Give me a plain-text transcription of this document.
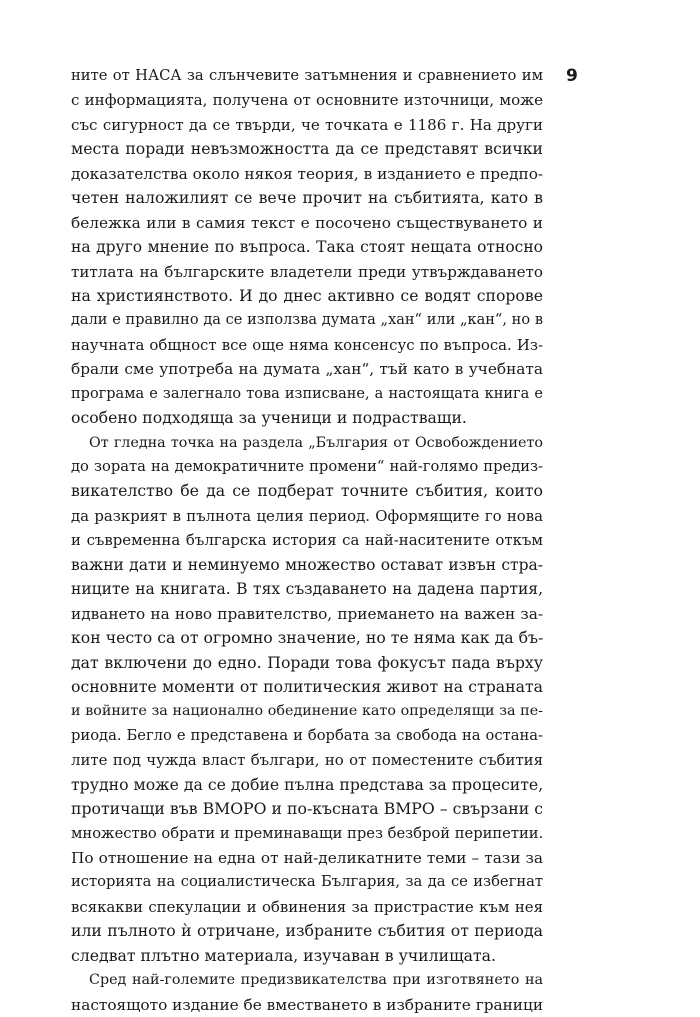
9
ните от НАСА за слънчевите затъмнения и сравнението им
с информацията, получена от основните източници, може
със сигурност да се твърди, че точката е 1186 г. На други
места поради невъзможността да се представят всички
доказателства около някоя теория, в изданието е предпо-
четен наложилият се вече прочит на събитията, като в
бележка или в самия текст е посочено съществуването и
на друго мнение по въпроса. Така стоят нещата относно
титлата на българските владетели преди утвърждаването
на християнството. И до днес активно се водят спорове
дали е правилно да се използва думата „хан“ или „кан“, но в
научната общност все още няма консенсус по въпроса. Из-
брали сме употреба на думата „хан“, тъй като в учебната
програма е залегнало това изписване, а настоящата книга е
особено подходяща за ученици и подрастващи.
От гледна точка на раздела „България от Освобождението
до зората на демократичните промени“ най-голямо предиз-
викателство бе да се подберат точните събития, които
да разкрият в пълнота целия период. Оформящите го нова
и съвременна българска история са най-наситените откъм
важни дати и неминуемо множество остават извън стра-
ниците на книгата. В тях създаването на дадена партия,
идването на ново правителство, приемането на важен за-
кон често са от огромно значение, но те няма как да бъ-
дат включени до едно. Поради това фокусът пада върху
основните моменти от политическия живот на страната
и войните за национално обединение като определящи за пе-
риода. Бегло е представена и борбата за свобода на остана-
лите под чужда власт българи, но от поместените събития
трудно може да се добие пълна представа за процесите,
протичащи във ВМОРО и по-късната ВМРО – свързани с
множество обрати и преминаващи през безброй перипетии.
По отношение на една от най-деликатните теми – тази за
историята на социалистическа България, за да се избегнат
всякакви спекулации и обвинения за пристрастие към нея
или пълното ѝ отричане, избраните събития от периода
следват плътно материала, изучаван в училищата.
Сред най-големите предизвикателства при изготвянето на
настоящото издание бе вместването в избраните граници
